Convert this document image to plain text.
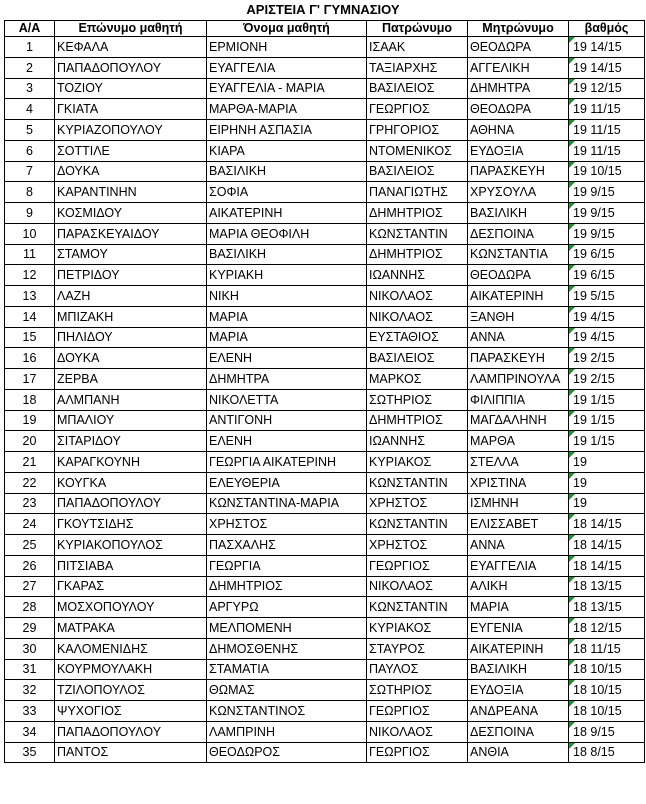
ΑΡΙΣΤΕΙΑ Γ' ΓΥΜΝΑΣΙΟΥ
Α/Α	Επώνυμο μαθητή	Όνομα μαθητή	Πατρώνυμο	Μητρώνυμο	βαθμός
1	ΚΕΦΑΛΑ	ΕΡΜΙΟΝΗ	ΙΣΑΑΚ	ΘΕΟΔΩΡΑ	19 14/15
2	ΠΑΠΑΔΟΠΟΥΛΟΥ	ΕΥΑΓΓΕΛΙΑ	ΤΑΞΙΑΡΧΗΣ	ΑΓΓΕΛΙΚΗ	19 14/15
3	ΤΟΖΙΟΥ	ΕΥΑΓΓΕΛΙΑ - ΜΑΡΙΑ	ΒΑΣΙΛΕΙΟΣ	ΔΗΜΗΤΡΑ	19 12/15
4	ΓΚΙΑΤΑ	ΜΑΡΘΑ-ΜΑΡΙΑ	ΓΕΩΡΓΙΟΣ	ΘΕΟΔΩΡΑ	19 11/15
5	ΚΥΡΙΑΖΟΠΟΥΛΟΥ	ΕΙΡΗΝΗ ΑΣΠΑΣΙΑ	ΓΡΗΓΟΡΙΟΣ	ΑΘΗΝΑ	19 11/15
6	ΣΟΤΤΙΛΕ	ΚΙΑΡΑ	ΝΤΟΜΕΝΙΚΟΣ	ΕΥΔΟΞΙΑ	19 11/15
7	ΔΟΥΚΑ	ΒΑΣΙΛΙΚΗ	ΒΑΣΙΛΕΙΟΣ	ΠΑΡΑΣΚΕΥΗ	19 10/15
8	ΚΑΡΑΝΤΙΝΗΝ	ΣΟΦΙΑ	ΠΑΝΑΓΙΩΤΗΣ	ΧΡΥΣΟΥΛΑ	19 9/15
9	ΚΟΣΜΙΔΟΥ	ΑΙΚΑΤΕΡΙΝΗ	ΔΗΜΗΤΡΙΟΣ	ΒΑΣΙΛΙΚΗ	19 9/15
10	ΠΑΡΑΣΚΕΥΑΙΔΟΥ	ΜΑΡΙΑ ΘΕΟΦΙΛΗ	ΚΩΝΣΤΑΝΤΙΝ	ΔΕΣΠΟΙΝΑ	19 9/15
11	ΣΤΑΜΟΥ	ΒΑΣΙΛΙΚΗ	ΔΗΜΗΤΡΙΟΣ	ΚΩΝΣΤΑΝΤΙΑ	19 6/15
12	ΠΕΤΡΙΔΟΥ	ΚΥΡΙΑΚΗ	ΙΩΑΝΝΗΣ	ΘΕΟΔΩΡΑ	19 6/15
13	ΛΑΖΗ	ΝΙΚΗ	ΝΙΚΟΛΑΟΣ	ΑΙΚΑΤΕΡΙΝΗ	19 5/15
14	ΜΠΙΖΑΚΗ	ΜΑΡΙΑ	ΝΙΚΟΛΑΟΣ	ΞΑΝΘΗ	19 4/15
15	ΠΗΛΙΔΟΥ	ΜΑΡΙΑ	ΕΥΣΤΑΘΙΟΣ	ΑΝΝΑ	19 4/15
16	ΔΟΥΚΑ	ΕΛΕΝΗ	ΒΑΣΙΛΕΙΟΣ	ΠΑΡΑΣΚΕΥΗ	19 2/15
17	ΖΕΡΒΑ	ΔΗΜΗΤΡΑ	ΜΑΡΚΟΣ	ΛΑΜΠΡΙΝΟΥΛΑ	19 2/15
18	ΑΛΜΠΑΝΗ	ΝΙΚΟΛΕΤΤΑ	ΣΩΤΗΡΙΟΣ	ΦΙΛΙΠΠΙΑ	19 1/15
19	ΜΠΑΛΙΟΥ	ΑΝΤΙΓΟΝΗ	ΔΗΜΗΤΡΙΟΣ	ΜΑΓΔΑΛΗΝΗ	19 1/15
20	ΣΙΤΑΡΙΔΟΥ	ΕΛΕΝΗ	ΙΩΑΝΝΗΣ	ΜΑΡΘΑ	19 1/15
21	ΚΑΡΑΓΚΟΥΝΗ	ΓΕΩΡΓΙΑ ΑΙΚΑΤΕΡΙΝΗ	ΚΥΡΙΑΚΟΣ	ΣΤΕΛΛΑ	19
22	ΚΟΥΓΚΑ	ΕΛΕΥΘΕΡΙΑ	ΚΩΝΣΤΑΝΤΙΝ	ΧΡΙΣΤΙΝΑ	19
23	ΠΑΠΑΔΟΠΟΥΛΟΥ	ΚΩΝΣΤΑΝΤΙΝΑ-ΜΑΡΙΑ	ΧΡΗΣΤΟΣ	ΙΣΜΗΝΗ	19
24	ΓΚΟΥΤΣΙΔΗΣ	ΧΡΗΣΤΟΣ	ΚΩΝΣΤΑΝΤΙΝ	ΕΛΙΣΣΑΒΕΤ	18 14/15
25	ΚΥΡΙΑΚΟΠΟΥΛΟΣ	ΠΑΣΧΑΛΗΣ	ΧΡΗΣΤΟΣ	ΑΝΝΑ	18 14/15
26	ΠΙΤΣΙΑΒΑ	ΓΕΩΡΓΙΑ	ΓΕΩΡΓΙΟΣ	ΕΥΑΓΓΕΛΙΑ	18 14/15
27	ΓΚΑΡΑΣ	ΔΗΜΗΤΡΙΟΣ	ΝΙΚΟΛΑΟΣ	ΑΛΙΚΗ	18 13/15
28	ΜΟΣΧΟΠΟΥΛΟΥ	ΑΡΓΥΡΩ	ΚΩΝΣΤΑΝΤΙΝ	ΜΑΡΙΑ	18 13/15
29	ΜΑΤΡΑΚΑ	ΜΕΛΠΟΜΕΝΗ	ΚΥΡΙΑΚΟΣ	ΕΥΓΕΝΙΑ	18 12/15
30	ΚΑΛΟΜΕΝΙΔΗΣ	ΔΗΜΟΣΘΕΝΗΣ	ΣΤΑΥΡΟΣ	ΑΙΚΑΤΕΡΙΝΗ	18 11/15
31	ΚΟΥΡΜΟΥΛΑΚΗ	ΣΤΑΜΑΤΙΑ	ΠΑΥΛΟΣ	ΒΑΣΙΛΙΚΗ	18 10/15
32	ΤΖΙΛΟΠΟΥΛΟΣ	ΘΩΜΑΣ	ΣΩΤΗΡΙΟΣ	ΕΥΔΟΞΙΑ	18 10/15
33	ΨΥΧΟΓΙΟΣ	ΚΩΝΣΤΑΝΤΙΝΟΣ	ΓΕΩΡΓΙΟΣ	ΑΝΔΡΕΑΝΑ	18 10/15
34	ΠΑΠΑΔΟΠΟΥΛΟΥ	ΛΑΜΠΡΙΝΗ	ΝΙΚΟΛΑΟΣ	ΔΕΣΠΟΙΝΑ	18 9/15
35	ΠΑΝΤΟΣ	ΘΕΟΔΩΡΟΣ	ΓΕΩΡΓΙΟΣ	ΑΝΘΙΑ	18 8/15
